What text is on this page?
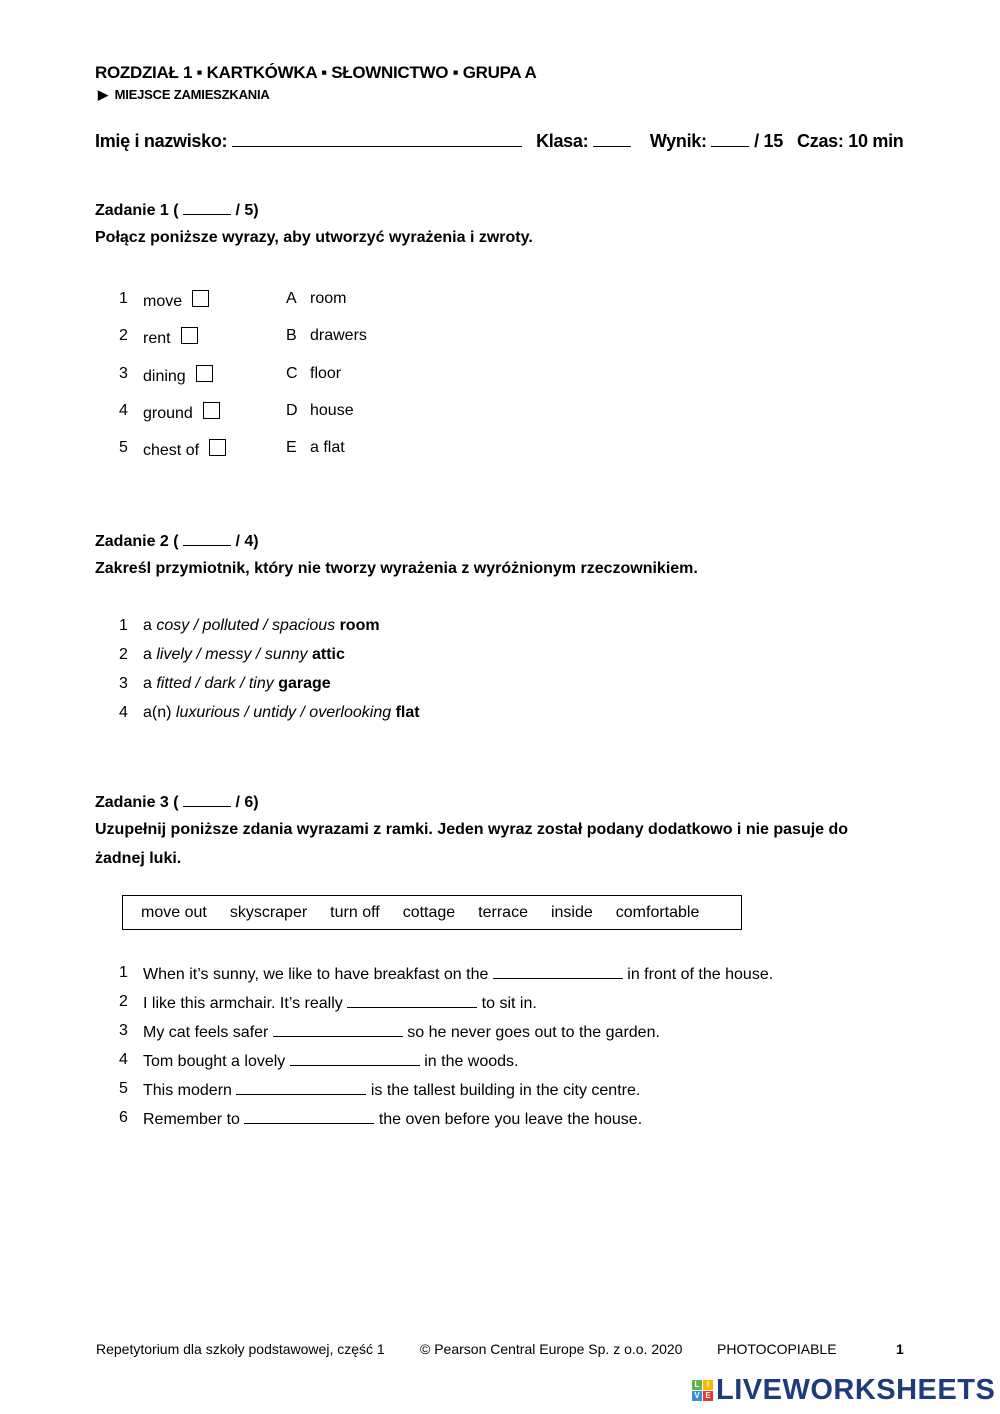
ROZDZIAŁ 1 ▪ KARTKÓWKA ▪ SŁOWNICTWO ▪ GRUPA A
▶ MIEJSCE ZAMIESZKANIA
Imię i nazwisko:	Klasa:	Wynik:	/ 15 Czas: 10 min
Zadanie 1 (	/ 5)
Połącz poniższe wyrazy, aby utworzyć wyrażenia i zwroty.
Zadanie 2 (	/ 4)
Zakreśl przymiotnik, który nie tworzy wyrażenia z wyróżnionym rzeczownikiem.
Zadanie 3 (	/ 6)
Uzupełnij poniższe zdania wyrazami z ramki. Jeden wyraz został podany dodatkowo i nie pasuje do
żadnej luki.
move out skyscraper turn off cottage terrace inside comfortable
Repetytorium dla szkoły podstawowej, część 1	© Pearson Central Europe Sp. z o.o. 2020 PHOTOCOPIABLE	1
L I
V E LIVEWORKSHEETS
1 move	A room
2 rent	B drawers
3 dining	C floor
4 ground	D house
5 chest of	E a flat
1 a cosy / polluted / spacious room
2 a lively / messy / sunny attic
3 a fitted / dark / tiny garage
4 a(n) luxurious / untidy / overlooking flat
1 When it’s sunny, we like to have breakfast on the	in front of the house.
2 I like this armchair. It’s really	to sit in.
3 My cat feels safer	so he never goes out to the garden.
4 Tom bought a lovely	in the woods.
5 This modern	is the tallest building in the city centre.
6 Remember to	the oven before you leave the house.
